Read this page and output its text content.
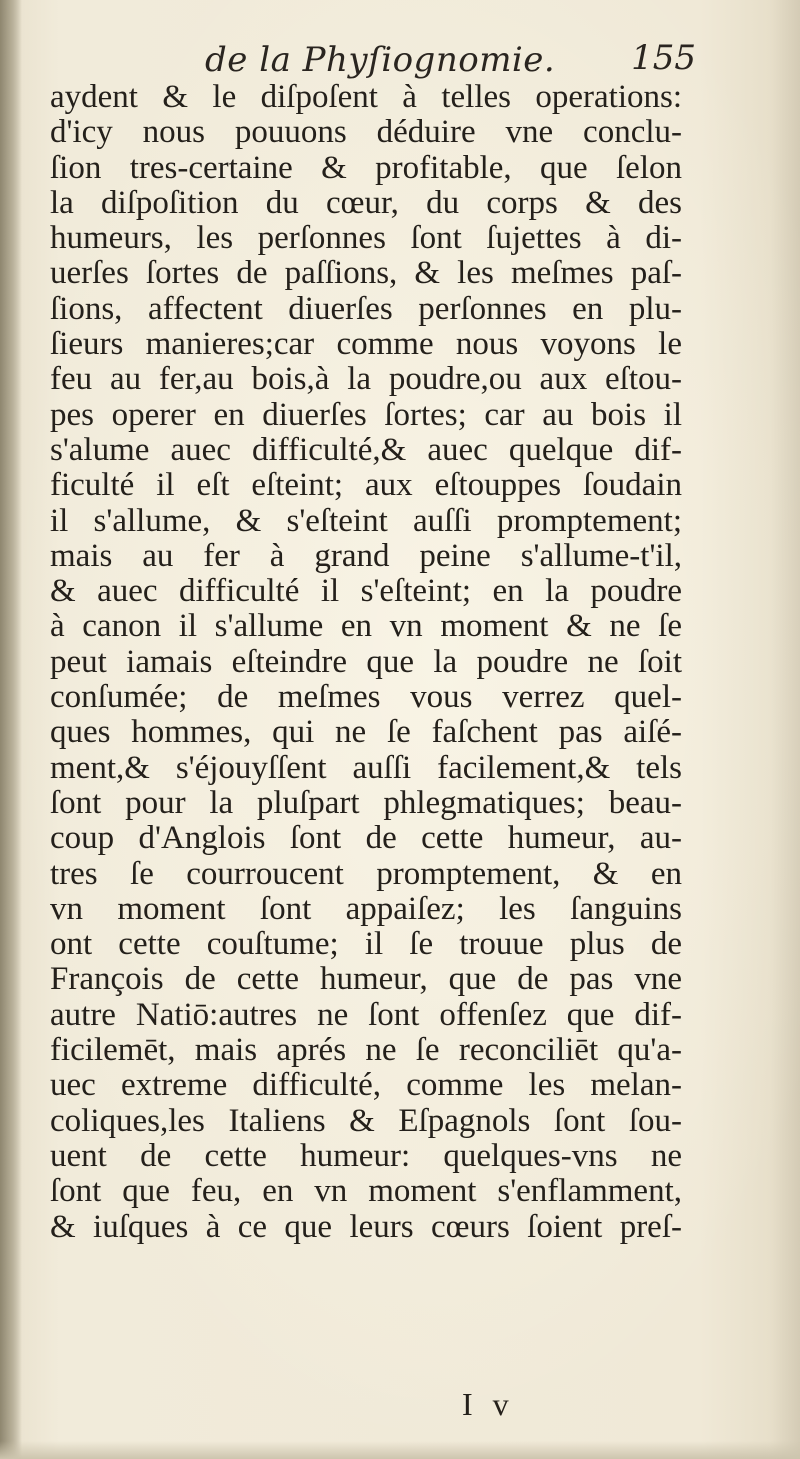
de la Phyſiognomie. 155
aydent & le diſpoſent à telles operations:
d'icy nous pouuons déduire vne conclu-
ſion tres-certaine & profitable, que ſelon
la diſpoſition du cœur, du corps & des
humeurs, les perſonnes ſont ſujettes à di-
uerſes ſortes de paſſions, & les meſmes paſ-
ſions, affectent diuerſes perſonnes en plu-
ſieurs manieres;car comme nous voyons le
feu au fer,au bois,à la poudre,ou aux eſtou-
pes operer en diuerſes ſortes; car au bois il
s'alume auec difficulté,& auec quelque dif-
ficulté il eſt eſteint; aux eſtouppes ſoudain
il s'allume, & s'eſteint auſſi promptement;
mais au fer à grand peine s'allume-t'il,
& auec difficulté il s'eſteint; en la poudre
à canon il s'allume en vn moment & ne ſe
peut iamais eſteindre que la poudre ne ſoit
conſumée; de meſmes vous verrez quel-
ques hommes, qui ne ſe faſchent pas aiſé-
ment,& s'éjouyſſent auſſi facilement,& tels
ſont pour la pluſpart phlegmatiques; beau-
coup d'Anglois ſont de cette humeur, au-
tres ſe courroucent promptement, & en
vn moment ſont appaiſez; les ſanguins
ont cette couſtume; il ſe trouue plus de
François de cette humeur, que de pas vne
autre Natiō:autres ne ſont offenſez que dif-
ficilemēt, mais aprés ne ſe reconciliēt qu'a-
uec extreme difficulté, comme les melan-
coliques,les Italiens & Eſpagnols ſont ſou-
uent de cette humeur: quelques-vns ne
ſont que feu, en vn moment s'enflamment,
& iuſques à ce que leurs cœurs ſoient preſ-
I v
